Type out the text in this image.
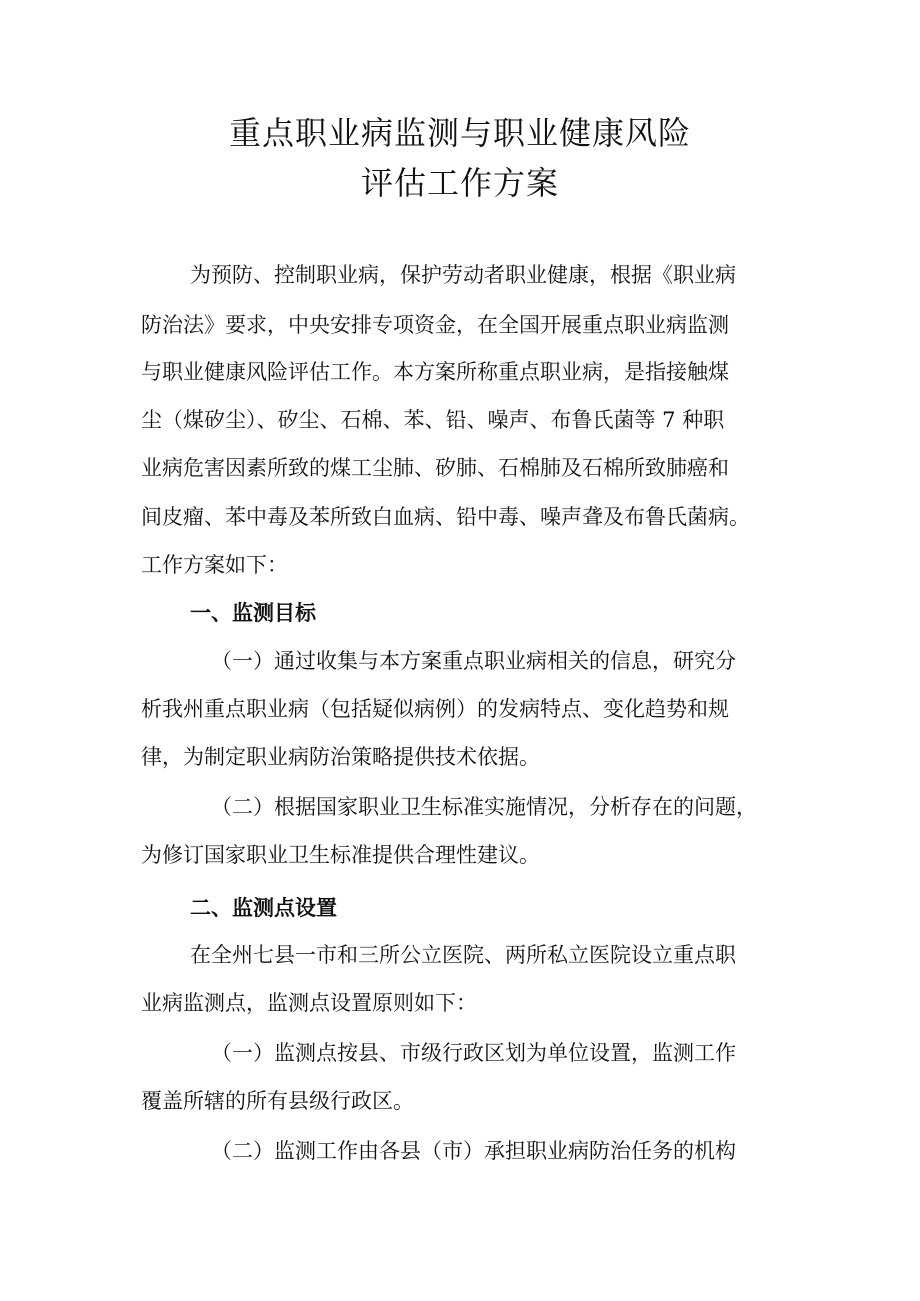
重点职业病监测与职业健康风险
评估工作方案
为预防、控制职业病，保护劳动者职业健康，根据《职业病
防治法》要求，中央安排专项资金，在全国开展重点职业病监测
与职业健康风险评估工作。本方案所称重点职业病，是指接触煤
尘（煤矽尘）、矽尘、石棉、苯、铅、噪声、布鲁氏菌等 7 种职
业病危害因素所致的煤工尘肺、矽肺、石棉肺及石棉所致肺癌和
间皮瘤、苯中毒及苯所致白血病、铅中毒、噪声聋及布鲁氏菌病。
工作方案如下：
一、监测目标
（一）通过收集与本方案重点职业病相关的信息，研究分
析我州重点职业病（包括疑似病例）的发病特点、变化趋势和规
律，为制定职业病防治策略提供技术依据。
（二）根据国家职业卫生标准实施情况，分析存在的问题，
为修订国家职业卫生标准提供合理性建议。
二、监测点设置
在全州七县一市和三所公立医院、两所私立医院设立重点职
业病监测点，监测点设置原则如下：
（一）监测点按县、市级行政区划为单位设置，监测工作
覆盖所辖的所有县级行政区。
（二）监测工作由各县（市）承担职业病防治任务的机构
